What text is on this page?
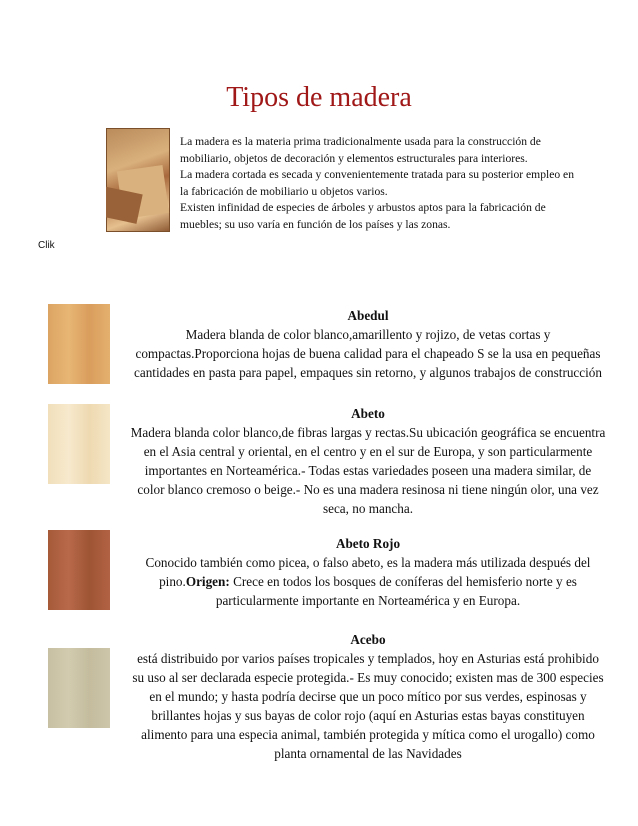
Tipos de madera

La madera es la materia prima tradicionalmente usada para la construcción de mobiliario, objetos de decoración y elementos estructurales para interiores.

La madera cortada es secada y convenientemente tratada para su posterior empleo en la fabricación de mobiliario u objetos varios.

Existen infinidad de especies de árboles y arbustos aptos para la fabricación de muebles; su uso varía en función de los países y las zonas.

Clik

Abedul

Madera blanda de color blanco,amarillento y rojizo, de vetas cortas y compactas.Proporciona hojas de buena calidad para el chapeado S se la usa en pequeñas cantidades en pasta para papel, empaques sin retorno, y algunos trabajos de construcción

Abeto

Madera blanda color blanco,de fibras largas y rectas.Su ubicación geográfica se encuentra en el Asia central y oriental, en el centro y en el sur de Europa, y son particularmente importantes en Norteamérica.- Todas estas variedades poseen una madera similar, de color blanco cremoso o beige.- No es una madera resinosa ni tiene ningún olor, una vez seca, no mancha.

Abeto Rojo

Conocido también como picea, o falso abeto, es la madera más utilizada después del pino.Origen: Crece en todos los bosques de coníferas del hemisferio norte y es particularmente importante en Norteamérica y en Europa.

Acebo

está distribuido por varios países tropicales y templados, hoy en Asturias está prohibido su uso al ser declarada especie protegida.- Es muy conocido; existen mas de 300 especies en el mundo; y hasta podría decirse que un poco mítico por sus verdes, espinosas y brillantes hojas y sus bayas de color rojo (aquí en Asturias estas bayas constituyen alimento para una especia animal, también protegida y mítica como el urogallo) como planta ornamental de las Navidades
